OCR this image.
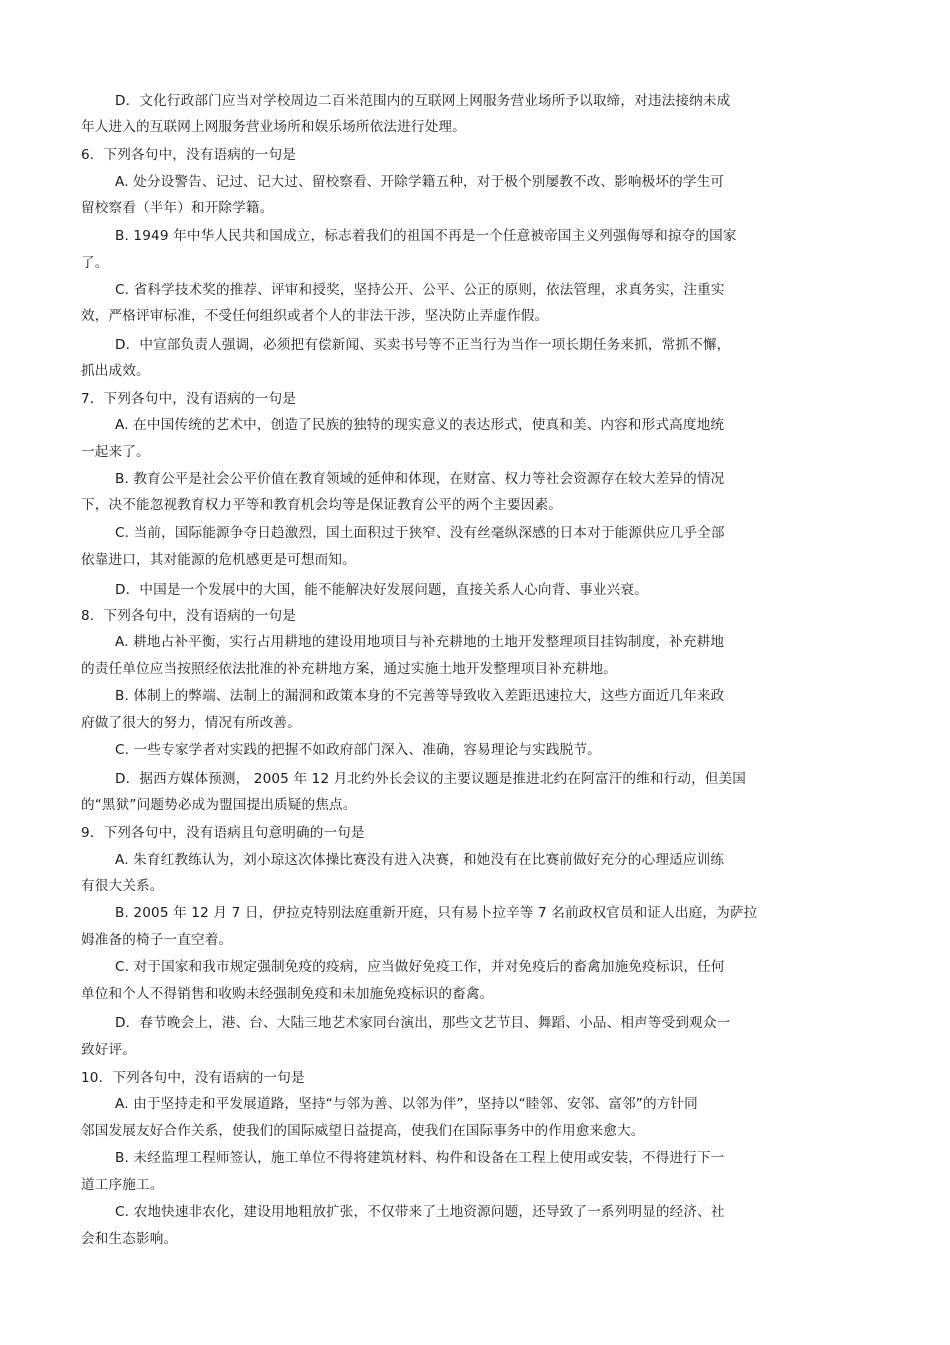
D．文化行政部门应当对学校周边二百米范围内的互联网上网服务营业场所予以取缔，对违法接纳未成
年人进入的互联网上网服务营业场所和娱乐场所依法进行处理。
6．下列各句中，没有语病的一句是
A. 处分设警告、记过、记大过、留校察看、开除学籍五种，对于极个别屡教不改、影响极坏的学生可
留校察看（半年）和开除学籍。
B. 1949 年中华人民共和国成立，标志着我们的祖国不再是一个任意被帝国主义列强侮辱和掠夺的国家
了。
C. 省科学技术奖的推荐、评审和授奖，坚持公开、公平、公正的原则，依法管理，求真务实，注重实
效，严格评审标准，不受任何组织或者个人的非法干涉，坚决防止弄虚作假。
D．中宣部负责人强调，必须把有偿新闻、买卖书号等不正当行为当作一项长期任务来抓，常抓不懈，
抓出成效。
7．下列各句中，没有语病的一句是
A. 在中国传统的艺术中，创造了民族的独特的现实意义的表达形式，使真和美、内容和形式高度地统
一起来了。
B. 教育公平是社会公平价值在教育领域的延伸和体现，在财富、权力等社会资源存在较大差异的情况
下，决不能忽视教育权力平等和教育机会均等是保证教育公平的两个主要因素。
C. 当前，国际能源争夺日趋激烈，国土面积过于狭窄、没有丝毫纵深感的日本对于能源供应几乎全部
依靠进口，其对能源的危机感更是可想而知。
D．中国是一个发展中的大国，能不能解决好发展问题，直接关系人心向背、事业兴衰。
8．下列各句中，没有语病的一句是
A. 耕地占补平衡，实行占用耕地的建设用地项目与补充耕地的土地开发整理项目挂钩制度，补充耕地
的责任单位应当按照经依法批准的补充耕地方案，通过实施土地开发整理项目补充耕地。
B. 体制上的弊端、法制上的漏洞和政策本身的不完善等导致收入差距迅速拉大，这些方面近几年来政
府做了很大的努力，情况有所改善。
C. 一些专家学者对实践的把握不如政府部门深入、准确，容易理论与实践脱节。
D．据西方媒体预测， 2005 年 12 月北约外长会议的主要议题是推进北约在阿富汗的维和行动，但美国
的“黑狱”问题势必成为盟国提出质疑的焦点。
9．下列各句中，没有语病且句意明确的一句是
A. 朱育红教练认为，刘小琼这次体操比赛没有进入决赛，和她没有在比赛前做好充分的心理适应训练
有很大关系。
B. 2005 年 12 月 7 日，伊拉克特别法庭重新开庭，只有易卜拉辛等 7 名前政权官员和证人出庭，为萨拉
姆准备的椅子一直空着。
C. 对于国家和我市规定强制免疫的疫病，应当做好免疫工作，并对免疫后的畜禽加施免疫标识，任何
单位和个人不得销售和收购未经强制免疫和未加施免疫标识的畜禽。
D．春节晚会上，港、台、大陆三地艺术家同台演出，那些文艺节目、舞蹈、小品、相声等受到观众一
致好评。
10．下列各句中，没有语病的一句是
A. 由于坚持走和平发展道路，坚持“与邻为善、以邻为伴”，坚持以“睦邻、安邻、富邻”的方针同
邻国发展友好合作关系，使我们的国际威望日益提高，使我们在国际事务中的作用愈来愈大。
B. 未经监理工程师签认，施工单位不得将建筑材料、构件和设备在工程上使用或安装，不得进行下一
道工序施工。
C. 农地快速非农化，建设用地粗放扩张，不仅带来了土地资源问题，还导致了一系列明显的经济、社
会和生态影响。
